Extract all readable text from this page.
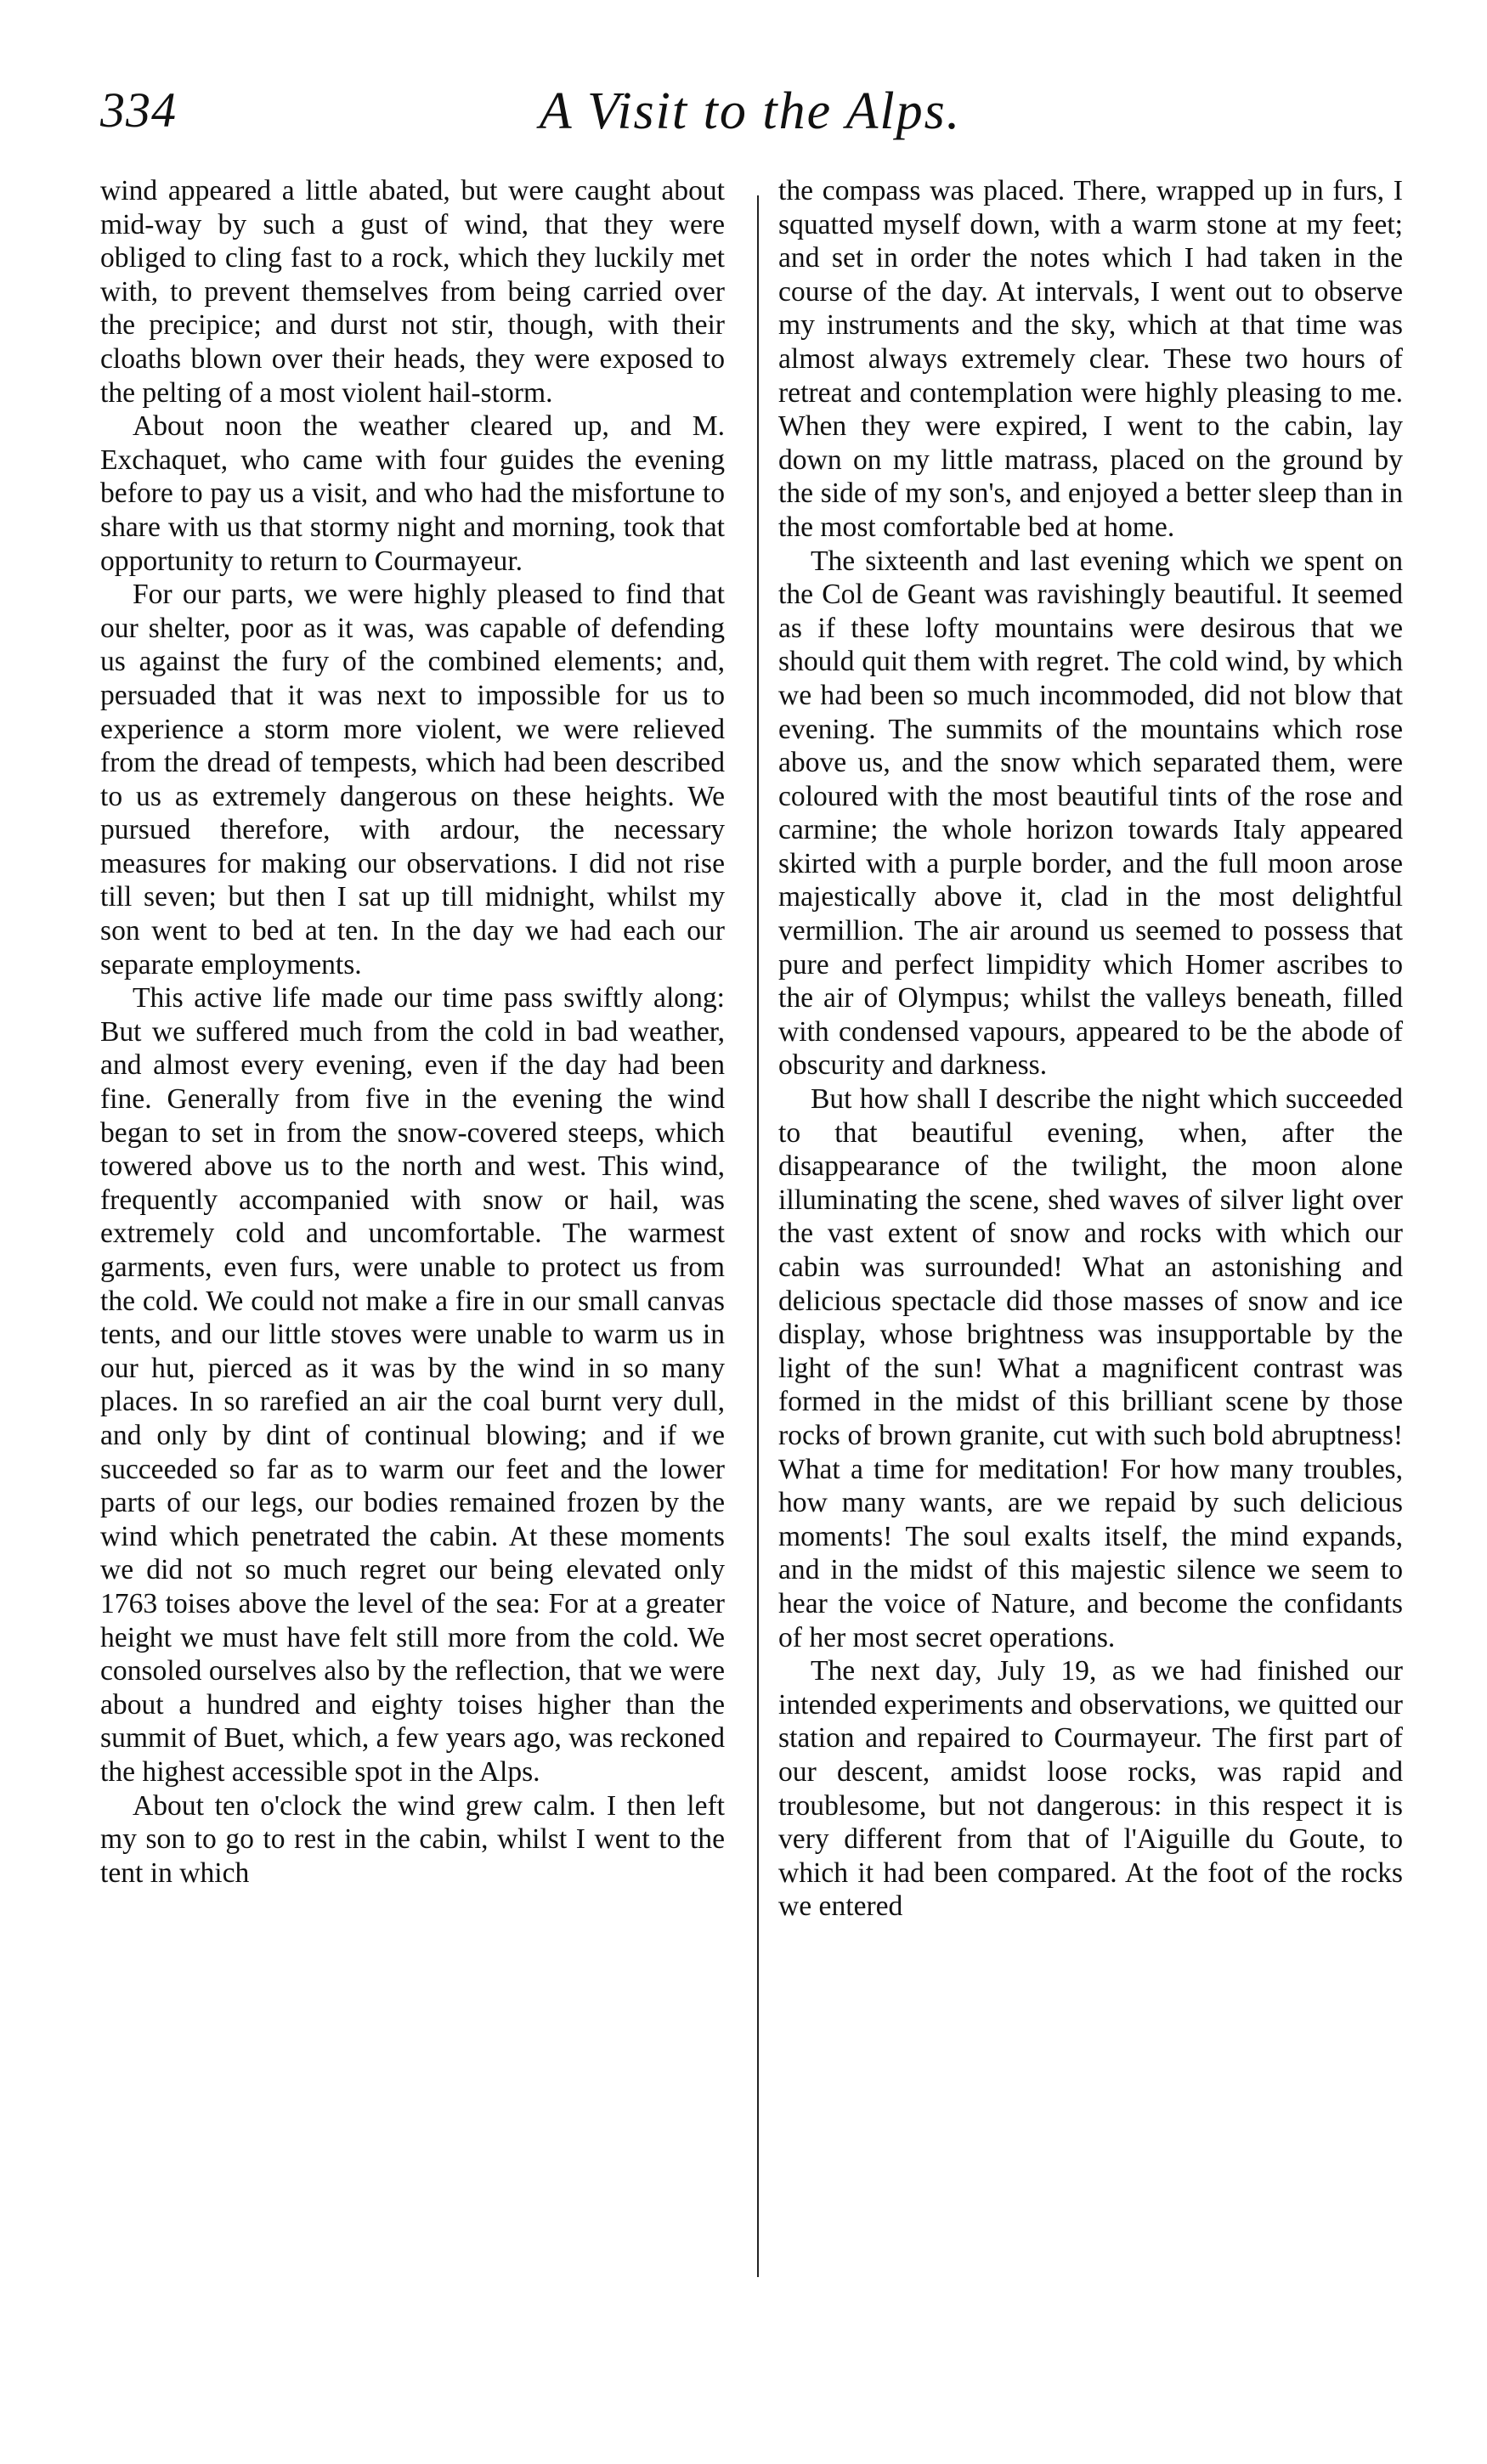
334	A Visit to the Alps.

wind appeared a little abated, but were caught about mid-way by such a gust of wind, that they were obliged to cling fast to a rock, which they luckily met with, to prevent themselves from being carried over the precipice; and durst not stir, though, with their cloaths blown over their heads, they were exposed to the pelting of a most violent hail-storm.

About noon the weather cleared up, and M. Exchaquet, who came with four guides the evening before to pay us a visit, and who had the misfortune to share with us that stormy night and morning, took that opportunity to return to Courmayeur.

For our parts, we were highly pleased to find that our shelter, poor as it was, was capable of defending us against the fury of the combined elements; and, persuaded that it was next to impossible for us to experience a storm more violent, we were relieved from the dread of tempests, which had been described to us as extremely dangerous on these heights. We pursued therefore, with ardour, the necessary measures for making our observations. I did not rise till seven; but then I sat up till midnight, whilst my son went to bed at ten. In the day we had each our separate employments.

This active life made our time pass swiftly along: But we suffered much from the cold in bad weather, and almost every evening, even if the day had been fine. Generally from five in the evening the wind began to set in from the snow-covered steeps, which towered above us to the north and west. This wind, frequently accompanied with snow or hail, was extremely cold and uncomfortable. The warmest garments, even furs, were unable to protect us from the cold. We could not make a fire in our small canvas tents, and our little stoves were unable to warm us in our hut, pierced as it was by the wind in so many places. In so rarefied an air the coal burnt very dull, and only by dint of continual blowing; and if we succeeded so far as to warm our feet and the lower parts of our legs, our bodies remained frozen by the wind which penetrated the cabin. At these moments we did not so much regret our being elevated only 1763 toises above the level of the sea: For at a greater height we must have felt still more from the cold. We consoled ourselves also by the reflection, that we were about a hundred and eighty toises higher than the summit of Buet, which, a few years ago, was reckoned the highest accessible spot in the Alps.

About ten o'clock the wind grew calm. I then left my son to go to rest in the cabin, whilst I went to the tent in which

the compass was placed. There, wrapped up in furs, I squatted myself down, with a warm stone at my feet; and set in order the notes which I had taken in the course of the day. At intervals, I went out to observe my instruments and the sky, which at that time was almost always extremely clear. These two hours of retreat and contemplation were highly pleasing to me. When they were expired, I went to the cabin, lay down on my little matrass, placed on the ground by the side of my son's, and enjoyed a better sleep than in the most comfortable bed at home.

The sixteenth and last evening which we spent on the Col de Geant was ravishingly beautiful. It seemed as if these lofty mountains were desirous that we should quit them with regret. The cold wind, by which we had been so much incommoded, did not blow that evening. The summits of the mountains which rose above us, and the snow which separated them, were coloured with the most beautiful tints of the rose and carmine; the whole horizon towards Italy appeared skirted with a purple border, and the full moon arose majestically above it, clad in the most delightful vermillion. The air around us seemed to possess that pure and perfect limpidity which Homer ascribes to the air of Olympus; whilst the valleys beneath, filled with condensed vapours, appeared to be the abode of obscurity and darkness.

But how shall I describe the night which succeeded to that beautiful evening, when, after the disappearance of the twilight, the moon alone illuminating the scene, shed waves of silver light over the vast extent of snow and rocks with which our cabin was surrounded! What an astonishing and delicious spectacle did those masses of snow and ice display, whose brightness was insupportable by the light of the sun! What a magnificent contrast was formed in the midst of this brilliant scene by those rocks of brown granite, cut with such bold abruptness! What a time for meditation! For how many troubles, how many wants, are we repaid by such delicious moments! The soul exalts itself, the mind expands, and in the midst of this majestic silence we seem to hear the voice of Nature, and become the confidants of her most secret operations.

The next day, July 19, as we had finished our intended experiments and observations, we quitted our station and repaired to Courmayeur. The first part of our descent, amidst loose rocks, was rapid and troublesome, but not dangerous: in this respect it is very different from that of l'Aiguille du Goute, to which it had been compared. At the foot of the rocks we entered
